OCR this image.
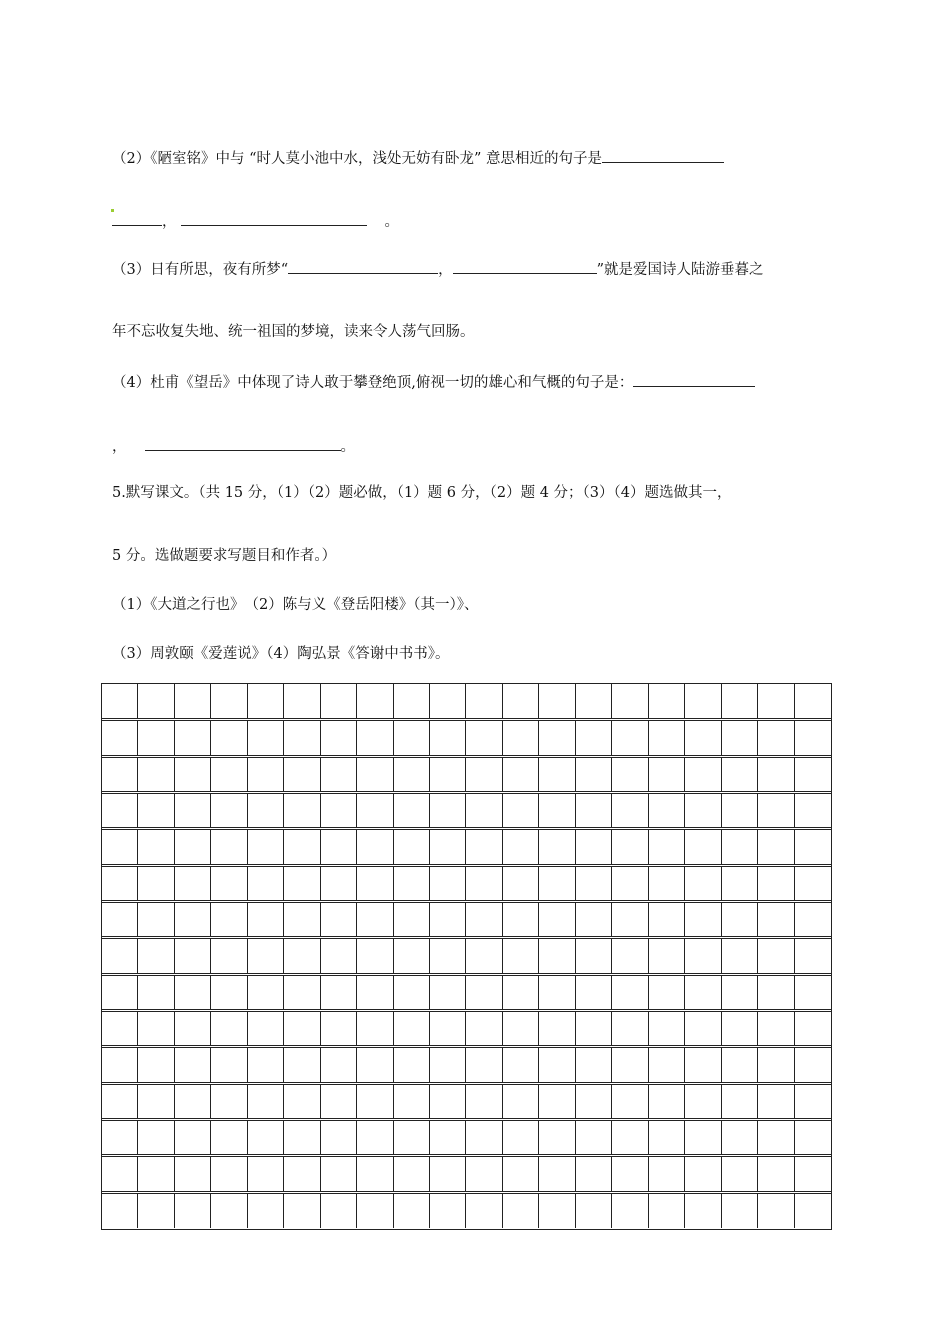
（2）《陋室铭》中与 “时人莫小池中水，浅处无妨有卧龙” 意思相近的句子是
，	。
（3）日有所思，夜有所梦“	，	”就是爱国诗人陆游垂暮之
年不忘收复失地、统一祖国的梦境，读来令人荡气回肠。
（4）杜甫《望岳》中体现了诗人敢于攀登绝顶,俯视一切的雄心和气概的句子是：
，	。
5.默写课文。（共 15 分，（1）（2）题必做，（1）题 6 分，（2）题 4 分；（3）（4）题选做其一，
5 分。选做题要求写题目和作者。）
（1）《大道之行也》　（2）陈与义《登岳阳楼》（其一）》、
（3）周敦颐《爱莲说》（4）陶弘景《答谢中书书》。
